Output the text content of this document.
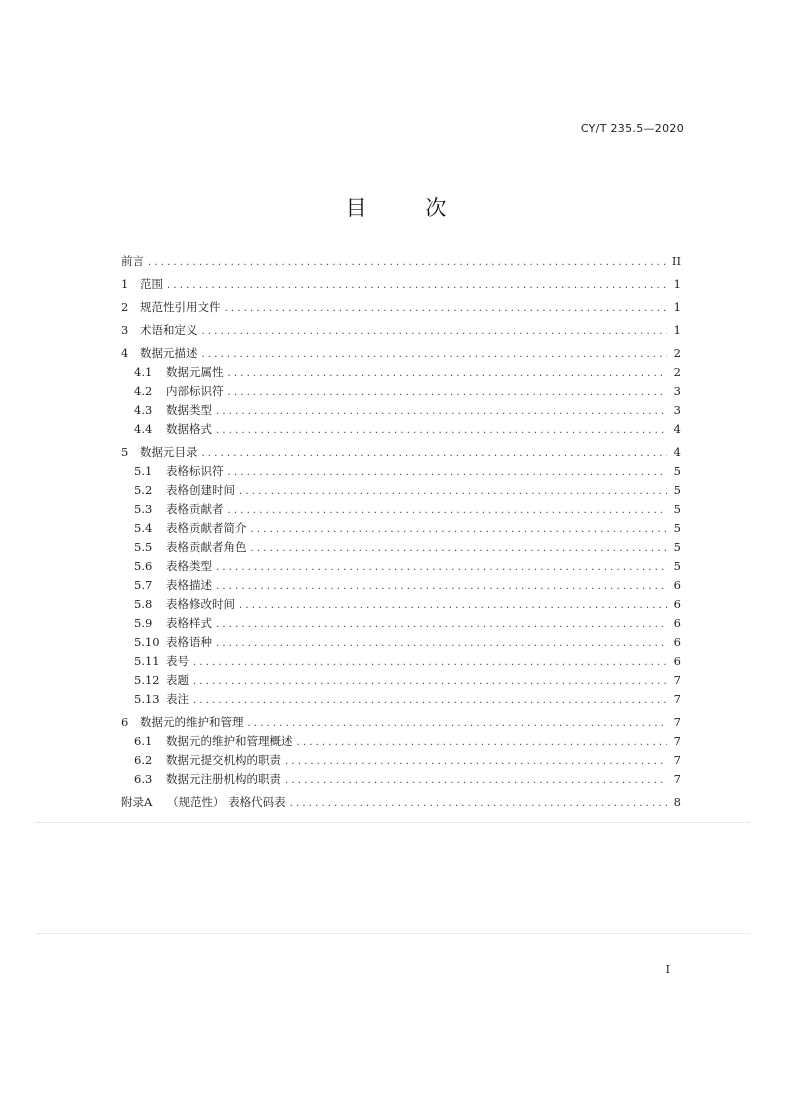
CY/T 235.5—2020
目 次
前言 . . .	II
1	范围 . . .	1
2	规范性引用文件 . . .	1
3	术语和定义 . . .	1
4	数据元描述 . . .	2
4.1	数据元属性 . . .	2
4.2	内部标识符 . . .	3
4.3	数据类型 . . .	3
4.4	数据格式 . . .	4
5	数据元目录 . . .	4
5.1	表格标识符 . . .	5
5.2	表格创建时间 . . .	5
5.3	表格贡献者 . . .	5
5.4	表格贡献者简介 . . .	5
5.5	表格贡献者角色 . . .	5
5.6	表格类型 . . .	5
5.7	表格描述 . . .	6
5.8	表格修改时间 . . .	6
5.9	表格样式 . . .	6
5.10 表格语种 . . .	6
5.11 表号 . . .	6
5.12 表题 . . .	7
5.13 表注 . . .	7
6	数据元的维护和管理 . . .	7
6.1	数据元的维护和管理概述 . . .	7
6.2	数据元提交机构的职责 . . .	7
6.3	数据元注册机构的职责 . . .	7
附录A	（规范性） 表格代码表 . . .	8
I
